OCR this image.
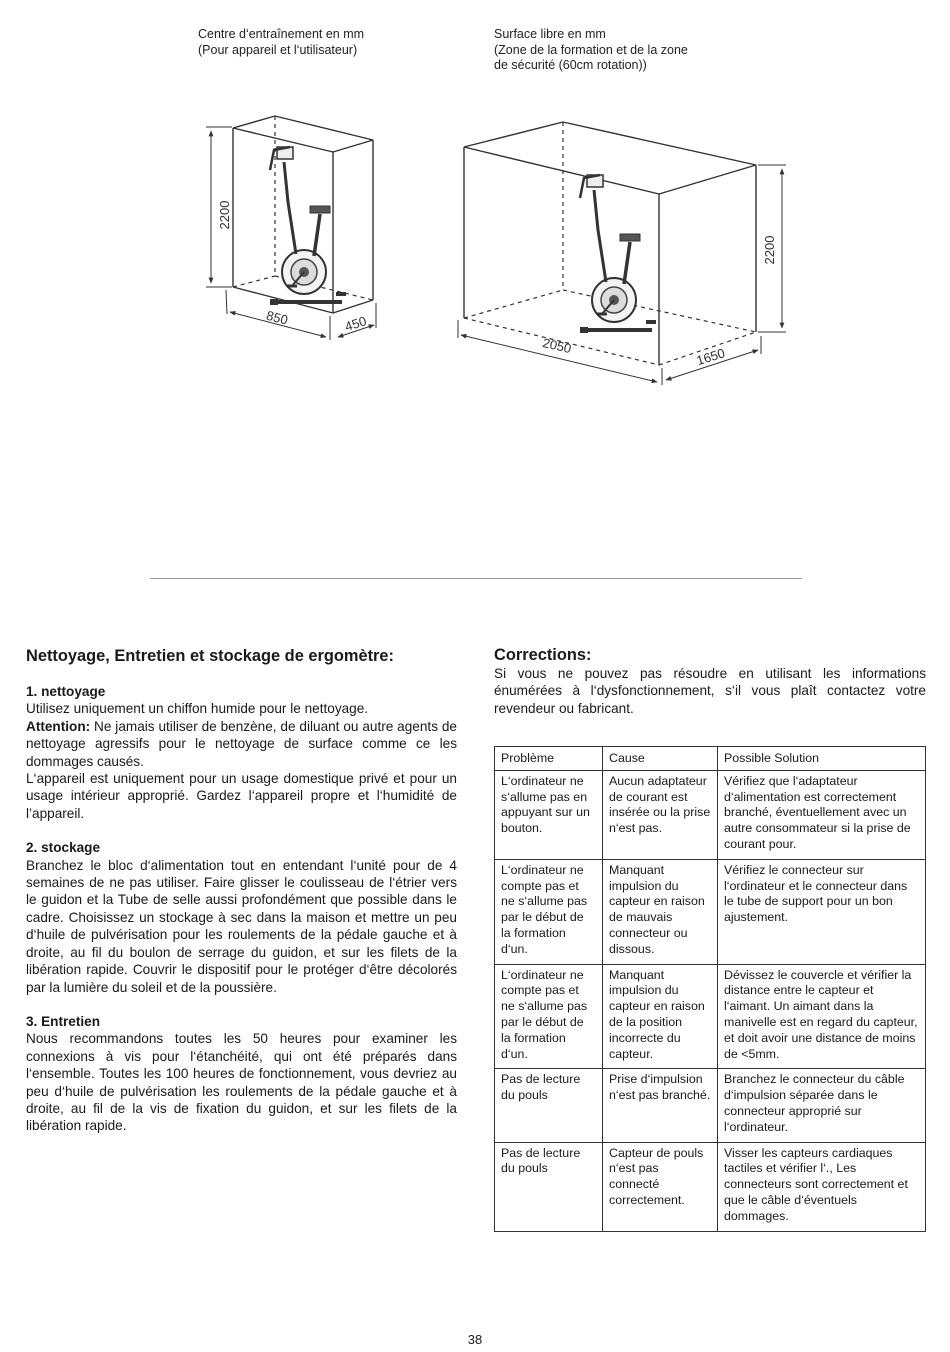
Centre d‘entraînement en mm
(Pour appareil et l‘utilisateur)
Surface libre en mm
(Zone de la formation et de la zone
de sécurité (60cm rotation))
2200
850	450
2200
2050	1650
Nettoyage, Entretien et stockage de ergomètre:
1. nettoyage

Utilisez uniquement un chiffon humide pour le nettoyage.

Attention: Ne jamais utiliser de benzène, de diluant ou autre agents de nettoyage agressifs pour le nettoyage de surface comme ce les dommages causés.

L‘appareil est uniquement pour un usage domestique privé et pour un usage intérieur approprié. Gardez l‘appareil propre et l‘humidité de l’appareil.

2. stockage

Branchez le bloc d‘alimentation tout en entendant l‘unité pour de 4 semaines de ne pas utiliser. Faire glisser le coulisseau de l‘étrier vers le guidon et la Tube de selle aussi profondément que possible dans le cadre. Choisissez un stockage à sec dans la maison et mettre un peu d‘huile de pulvérisation pour les roulements de la pédale gauche et à droite, au fil du boulon de serrage du guidon, et sur les filets de la libération rapide. Couvrir le dispositif pour le protéger d‘être décolorés par la lumière du soleil et de la poussière.

3. Entretien

Nous recommandons toutes les 50 heures pour examiner les connexions à vis pour l‘étanchéité, qui ont été préparés dans l‘ensemble. Toutes les 100 heures de fonctionnement, vous devriez au peu d‘huile de pulvérisation les roulements de la pédale gauche et à droite, au fil de la vis de fixation du guidon, et sur les filets de la libération rapide.

Corrections:

Si vous ne pouvez pas résoudre en utilisant les informations énumérées à l‘dysfonctionnement, s‘il vous plaît contactez votre revendeur ou fabricant.

Problème	Cause	Possible Solution
L‘ordinateur ne s‘allume pas en appuyant sur un bouton.	Aucun adaptateur de courant est insérée ou la prise n‘est pas.	Vérifiez que l‘adaptateur d‘alimentation est correctement branché, éventuellement avec un autre consommateur si la prise de courant pour.
L‘ordinateur ne compte pas et ne s‘allume pas par le début de la formation d‘un.	Manquant impulsion du capteur en raison de mauvais connecteur ou dissous.	Vérifiez le connecteur sur l‘ordinateur et le connecteur dans le tube de support pour un bon ajustement.
L‘ordinateur ne compte pas et ne s‘allume pas par le début de la formation d‘un.	Manquant impulsion du capteur en raison de la position incorrecte du capteur.	Dévissez le couvercle et vérifier la distance entre le capteur et l‘aimant. Un aimant dans la manivelle est en regard du capteur, et doit avoir une distance de moins de <5mm.
Pas de lecture du pouls	Prise d‘impulsion n‘est pas branché.	Branchez le connecteur du câble d‘impulsion séparée dans le connecteur approprié sur l‘ordinateur.
Pas de lecture du pouls	Capteur de pouls n‘est pas connecté correctement.	Visser les capteurs cardiaques tactiles et vérifier l‘., Les connecteurs sont correctement et que le câble d‘éventuels dommages.
38
